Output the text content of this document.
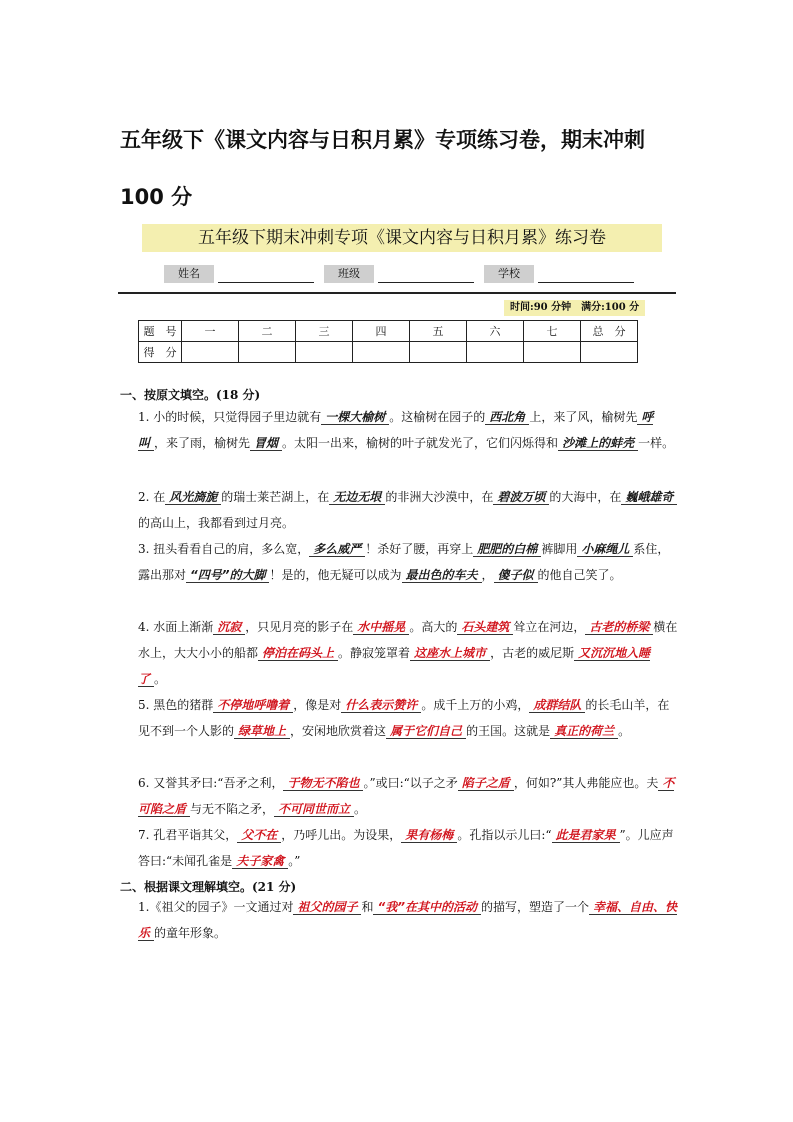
五年级下《课文内容与日积月累》专项练习卷，期末冲刺 100 分
五年级下期末冲刺专项《课文内容与日积月累》练习卷
姓名	班级	学校
时间:90 分钟　满分:100 分
题　号	一	二	三	四	五	六	七	总　分
得　分								
一、按原文填空。(18 分)
1. 小的时候，只觉得园子里边就有 一棵大榆树 。这榆树在园子的 西北角 上，来了风，榆树先 呼叫 ，来了雨，榆树先 冒烟 。太阳一出来，榆树的叶子就发光了，它们闪烁得和 沙滩上的蚌壳 一样。
2. 在 风光旖旎 的瑞士莱芒湖上，在 无边无垠 的非洲大沙漠中，在 碧波万顷 的大海中，在 巍峨雄奇的高山上，我都看到过月亮。
3. 扭头看看自己的肩，多么宽， 多么威严 ！杀好了腰，再穿上 肥肥的白棉 裤脚用 小麻绳儿 系住，露出那对 “四号”的大脚 ！是的，他无疑可以成为 最出色的车夫 ， 傻子似 的他自己笑了。
4. 水面上渐渐 沉寂 ，只见月亮的影子在 水中摇晃 。高大的 石头建筑 耸立在河边， 古老的桥梁 横在水上，大大小小的船都 停泊在码头上 。静寂笼罩着 这座水上城市 ，古老的威尼斯 又沉沉地入睡了 。
5. 黑色的猪群 不停地呼噜着 ，像是对 什么表示赞许 。成千上万的小鸡， 成群结队 的长毛山羊，在见不到一个人影的 绿草地上 ，安闲地欣赏着这 属于它们自己 的王国。这就是 真正的荷兰 。
6. 又誉其矛曰:“吾矛之利， 于物无不陷也 。”或曰:“以子之矛 陷子之盾 ，何如?”其人弗能应也。夫 不可陷之盾 与无不陷之矛， 不可同世而立 。
7. 孔君平诣其父， 父不在 ，乃呼儿出。为设果， 果有杨梅 。孔指以示儿曰:“ 此是君家果 ”。儿应声答曰:“未闻孔雀是 夫子家禽 。”
二、根据课文理解填空。(21 分)
1.《祖父的园子》一文通过对 祖父的园子 和 “我”在其中的活动 的描写，塑造了一个 幸福、自由、快乐 的童年形象。
